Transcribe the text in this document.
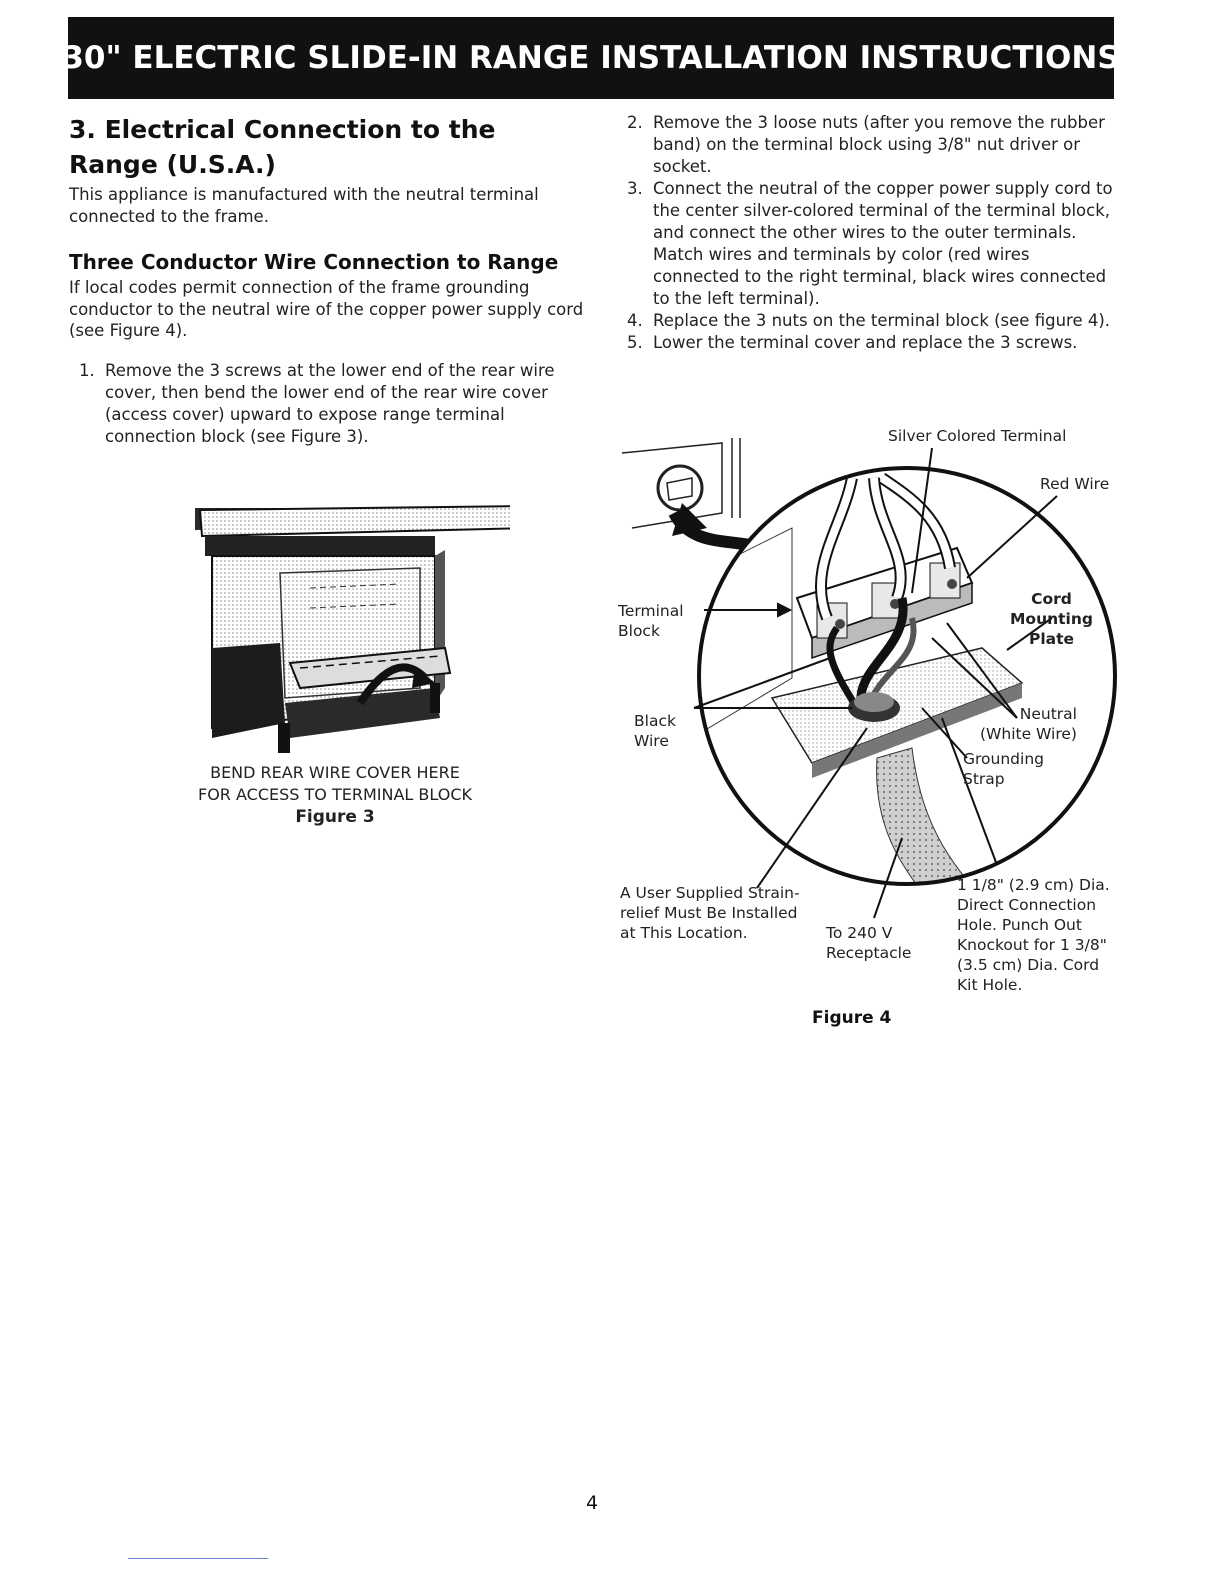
30" ELECTRIC SLIDE-IN RANGE INSTALLATION INSTRUCTIONS
3. Electrical Connection to the Range (U.S.A.)

This appliance is manufactured with the neutral terminal connected to the frame.

Three Conductor Wire Connection to Range

If local codes permit connection of the frame grounding conductor to the neutral wire of the copper power supply cord (see Figure 4).

1. Remove the 3 screws at the lower end of the rear wire cover, then bend the lower end of the rear wire cover (access cover) upward to expose range terminal connection block (see Figure 3).
2. Remove the 3 loose nuts (after you remove the rubber band) on the terminal block using 3/8" nut driver or socket.
3. Connect the neutral of the copper power supply cord to the center silver-colored terminal of the terminal block, and connect the other wires to the outer terminals. Match wires and terminals by color (red wires connected to the right terminal, black wires connected to the left terminal).
4. Replace the 3 nuts on the terminal block (see figure 4).
5. Lower the terminal cover and replace the 3 screws.
BEND REAR WIRE COVER HERE
FOR ACCESS TO TERMINAL BLOCK
Figure 3
Silver Colored Terminal
Red Wire
Terminal
Block
Cord
Mounting
Plate
Black
Wire
Neutral
(White Wire)
Grounding
Strap
A User Supplied Strain-
relief Must Be Installed
at This Location.	To 240 V
Receptacle
1 1/8" (2.9 cm) Dia.
Direct Connection
Hole. Punch Out
Knockout for 1 3/8"
(3.5 cm) Dia. Cord
Kit Hole.
Figure 4
4
